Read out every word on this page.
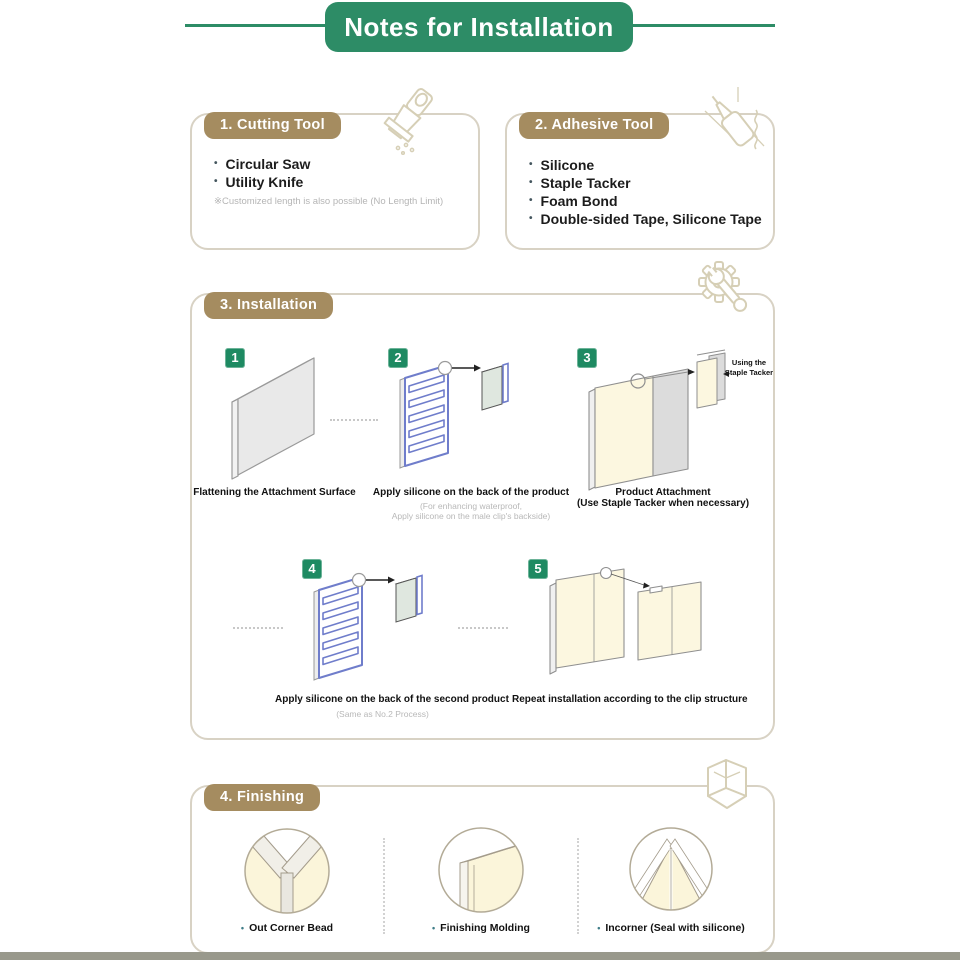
Notes for Installation
1. Cutting Tool
• Circular Saw
• Utility Knife
※Customized length is also possible (No Length Limit)
2. Adhesive Tool
• Silicone
• Staple Tacker
• Foam Bond
• Double-sided Tape, Silicone Tape
3. Installation
1	2	3	Using the
Staple Tacker
Flattening the Attachment Surface	Apply silicone on the back of the product
(For enhancing waterproof,
Apply silicone on the male clip's backside)
Product Attachment
(Use Staple Tacker when necessary)
4	5
Apply silicone on the back of the second product
(Same as No.2 Process)
Repeat installation according to the clip structure
4. Finishing
• Out Corner Bead	• Finishing Molding	• Incorner (Seal with silicone)
